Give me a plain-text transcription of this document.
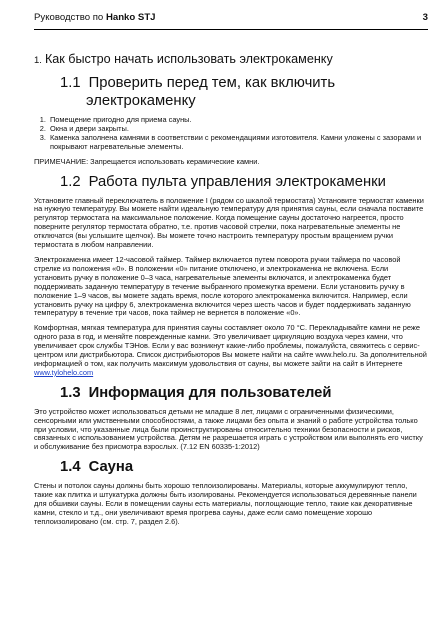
Руководство по Hanko STJ	3
1. Как быстро начать использовать электрокаменку
1.1 Проверить перед тем, как включить
электрокаменку
1. Помещение пригодно для приема сауны.
2. Окна и двери закрыты.
3. Каменка заполнена камнями в соответствии с рекомендациями изготовителя. Камни уложены с зазорами и покрывают нагревательные элементы.

ПРИМЕЧАНИЕ: Запрещается использовать керамические камни.

1.2 Работа пульта управления электрокаменки

Установите главный переключатель в положение I (рядом со шкалой термостата) Установите термостат каменки на нужную температуру. Вы можете найти идеальную температуру для принятия сауны, если сначала поставите регулятор термостата на максимальное положение. Когда помещение сауны достаточно нагреется, просто поверните регулятор термостата обратно, т.е. против часовой стрелки, пока нагревательные элементы не отключатся (вы услышите щелчок). Вы можете точно настроить температуру простым вращением ручки термостата в любом направлении.

Электрокаменка имеет 12-часовой таймер. Таймер включается путем поворота ручки таймера по часовой стрелке из положения «0». В положении «0» питание отключено, и электрокаменка не включена. Если установить ручку в положение 0–3 часа, нагревательные элементы включатся, и электрокаменка будет поддерживать заданную температуру в течение выбранного промежутка времени. Если установить ручку в положение 1–9 часов, вы можете задать время, после которого электрокаменка включится. Например, если установить ручку на цифру 6, электрокаменка включится через шесть часов и будет поддерживать заданную температуру в течение три часов, пока таймер не вернется в положение «0».

Комфортная, мягкая температура для принятия сауны составляет около 70 °C. Перекладывайте камни не реже одного раза в год, и меняйте поврежденные камни. Это увеличивает циркуляцию воздуха через камни, что увеличивает срок службы ТЭНов. Если у вас возникнут какие-либо проблемы, пожалуйста, свяжитесь с сервис-центром или дистрибьютора. Список дистрибьюторов Вы можете найти на сайте www.helo.ru. За дополнительной информацией о том, как получить максимум удовольствия от сауны, вы можете зайти на сайт в Интернете www.tylohelo.com

1.3 Информация для пользователей

Это устройство может использоваться детьми не младше 8 лет, лицами с ограниченными физическими, сенсорными или умственными способностями, а также лицами без опыта и знаний о работе устройства только при условии, что указанные лица были проинструктированы относительно техники безопасности и рисков, связанных с использованием устройства. Детям не разрешается играть с устройством или выполнять его чистку и обслуживание без присмотра взрослых. (7.12 EN 60335-1:2012)

1.4 Сауна

Стены и потолок сауны должны быть хорошо теплоизолированы. Материалы, которые аккумулируют тепло, такие как плитка и штукатурка должны быть изолированы. Рекомендуется использоваться деревянные панели для обшивки сауны. Если в помещении сауны есть материалы, поглощающие тепло, такие как декоративные камни, стекло и т.д., они увеличивают время прогрева сауны, даже если само помещение хорошо теплоизолировано (см. стр. 7, раздел 2.6).
